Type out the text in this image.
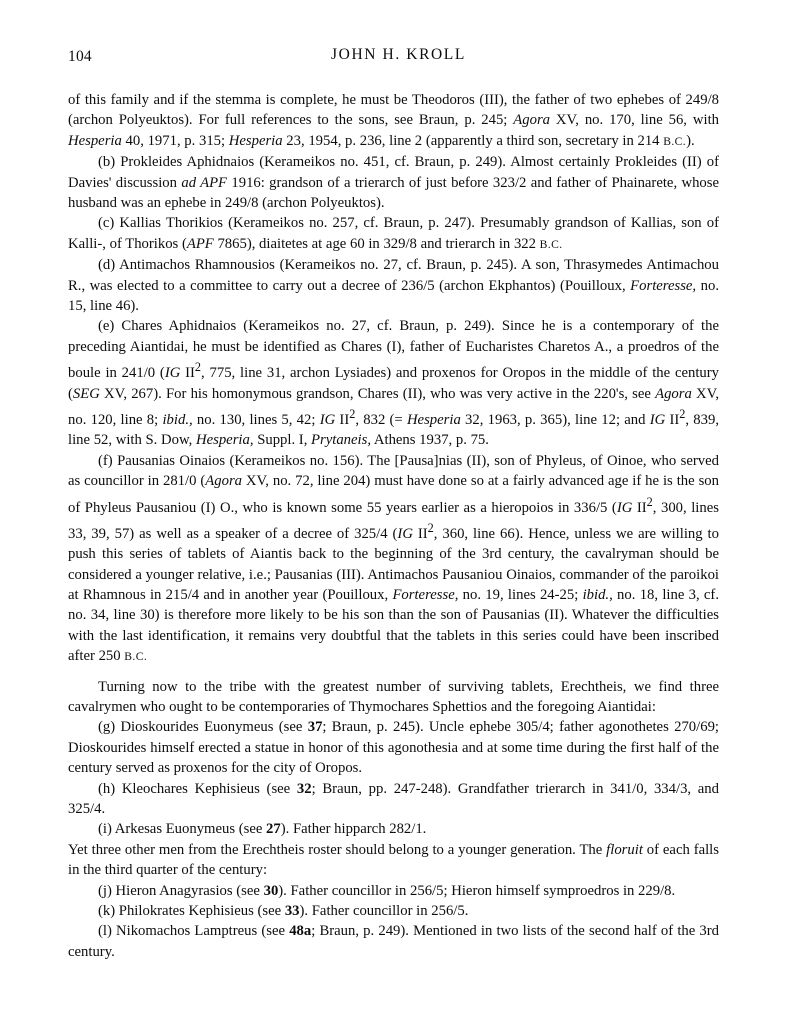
104	JOHN H. KROLL

of this family and if the stemma is complete, he must be Theodoros (III), the father of two ephebes of 249/8 (archon Polyeuktos). For full references to the sons, see Braun, p. 245; Agora XV, no. 170, line 56, with Hesperia 40, 1971, p. 315; Hesperia 23, 1954, p. 236, line 2 (apparently a third son, secretary in 214 B.C.).

(b) Prokleides Aphidnaios (Kerameikos no. 451, cf. Braun, p. 249). Almost certainly Prokleides (II) of Davies' discussion ad APF 1916: grandson of a trierarch of just before 323/2 and father of Phainarete, whose husband was an ephebe in 249/8 (archon Polyeuktos).

(c) Kallias Thorikios (Kerameikos no. 257, cf. Braun, p. 247). Presumably grandson of Kallias, son of Kalli-, of Thorikos (APF 7865), diaitetes at age 60 in 329/8 and trierarch in 322 B.C.

(d) Antimachos Rhamnousios (Kerameikos no. 27, cf. Braun, p. 245). A son, Thrasymedes Antimachou R., was elected to a committee to carry out a decree of 236/5 (archon Ekphantos) (Pouilloux, Forteresse, no. 15, line 46).

(e) Chares Aphidnaios (Kerameikos no. 27, cf. Braun, p. 249). Since he is a contemporary of the preceding Aiantidai, he must be identified as Chares (I), father of Eucharistes Charetos A., a proedros of the boule in 241/0 (IG $II^2$, 775, line 31, archon Lysiades) and proxenos for Oropos in the middle of the century (SEG XV, 267). For his homonymous grandson, Chares (II), who was very active in the 220's, see Agora XV, no. 120, line 8; ibid., no. 130, lines 5, 42; IG $II^2$, 832 (= Hesperia 32, 1963, p. 365), line 12; and IG $II^2$, 839, line 52, with S. Dow, Hesperia, Suppl. I, Prytaneis, Athens 1937, p. 75.

(f) Pausanias Oinaios (Kerameikos no. 156). The [Pausa]nias (II), son of Phyleus, of Oinoe, who served as councillor in 281/0 (Agora XV, no. 72, line 204) must have done so at a fairly advanced age if he is the son of Phyleus Pausaniou (I) O., who is known some 55 years earlier as a hieropoios in 336/5 (IG $II^2$, 300, lines 33, 39, 57) as well as a speaker of a decree of 325/4 (IG $II^2$, 360, line 66). Hence, unless we are willing to push this series of tablets of Aiantis back to the beginning of the 3rd century, the cavalryman should be considered a younger relative, i.e.; Pausanias (III). Antimachos Pausaniou Oinaios, commander of the paroikoi at Rhamnous in 215/4 and in another year (Pouilloux, Forteresse, no. 19, lines 24-25; ibid., no. 18, line 3, cf. no. 34, line 30) is therefore more likely to be his son than the son of Pausanias (II). Whatever the difficulties with the last identification, it remains very doubtful that the tablets in this series could have been inscribed after 250 B.C.

Turning now to the tribe with the greatest number of surviving tablets, Erechtheis, we find three cavalrymen who ought to be contemporaries of Thymochares Sphettios and the foregoing Aiantidai:

(g) Dioskourides Euonymeus (see 37; Braun, p. 245). Uncle ephebe 305/4; father agonothetes 270/69; Dioskourides himself erected a statue in honor of this agonothesia and at some time during the first half of the century served as proxenos for the city of Oropos.

(h) Kleochares Kephisieus (see 32; Braun, pp. 247-248). Grandfather trierarch in 341/0, 334/3, and 325/4.

(i) Arkesas Euonymeus (see 27). Father hipparch 282/1.

Yet three other men from the Erechtheis roster should belong to a younger generation. The floruit of each falls in the third quarter of the century:

(j) Hieron Anagyrasios (see 30). Father councillor in 256/5; Hieron himself symproedros in 229/8.

(k) Philokrates Kephisieus (see 33). Father councillor in 256/5.

(l) Nikomachos Lamptreus (see 48a; Braun, p. 249). Mentioned in two lists of the second half of the 3rd century.
